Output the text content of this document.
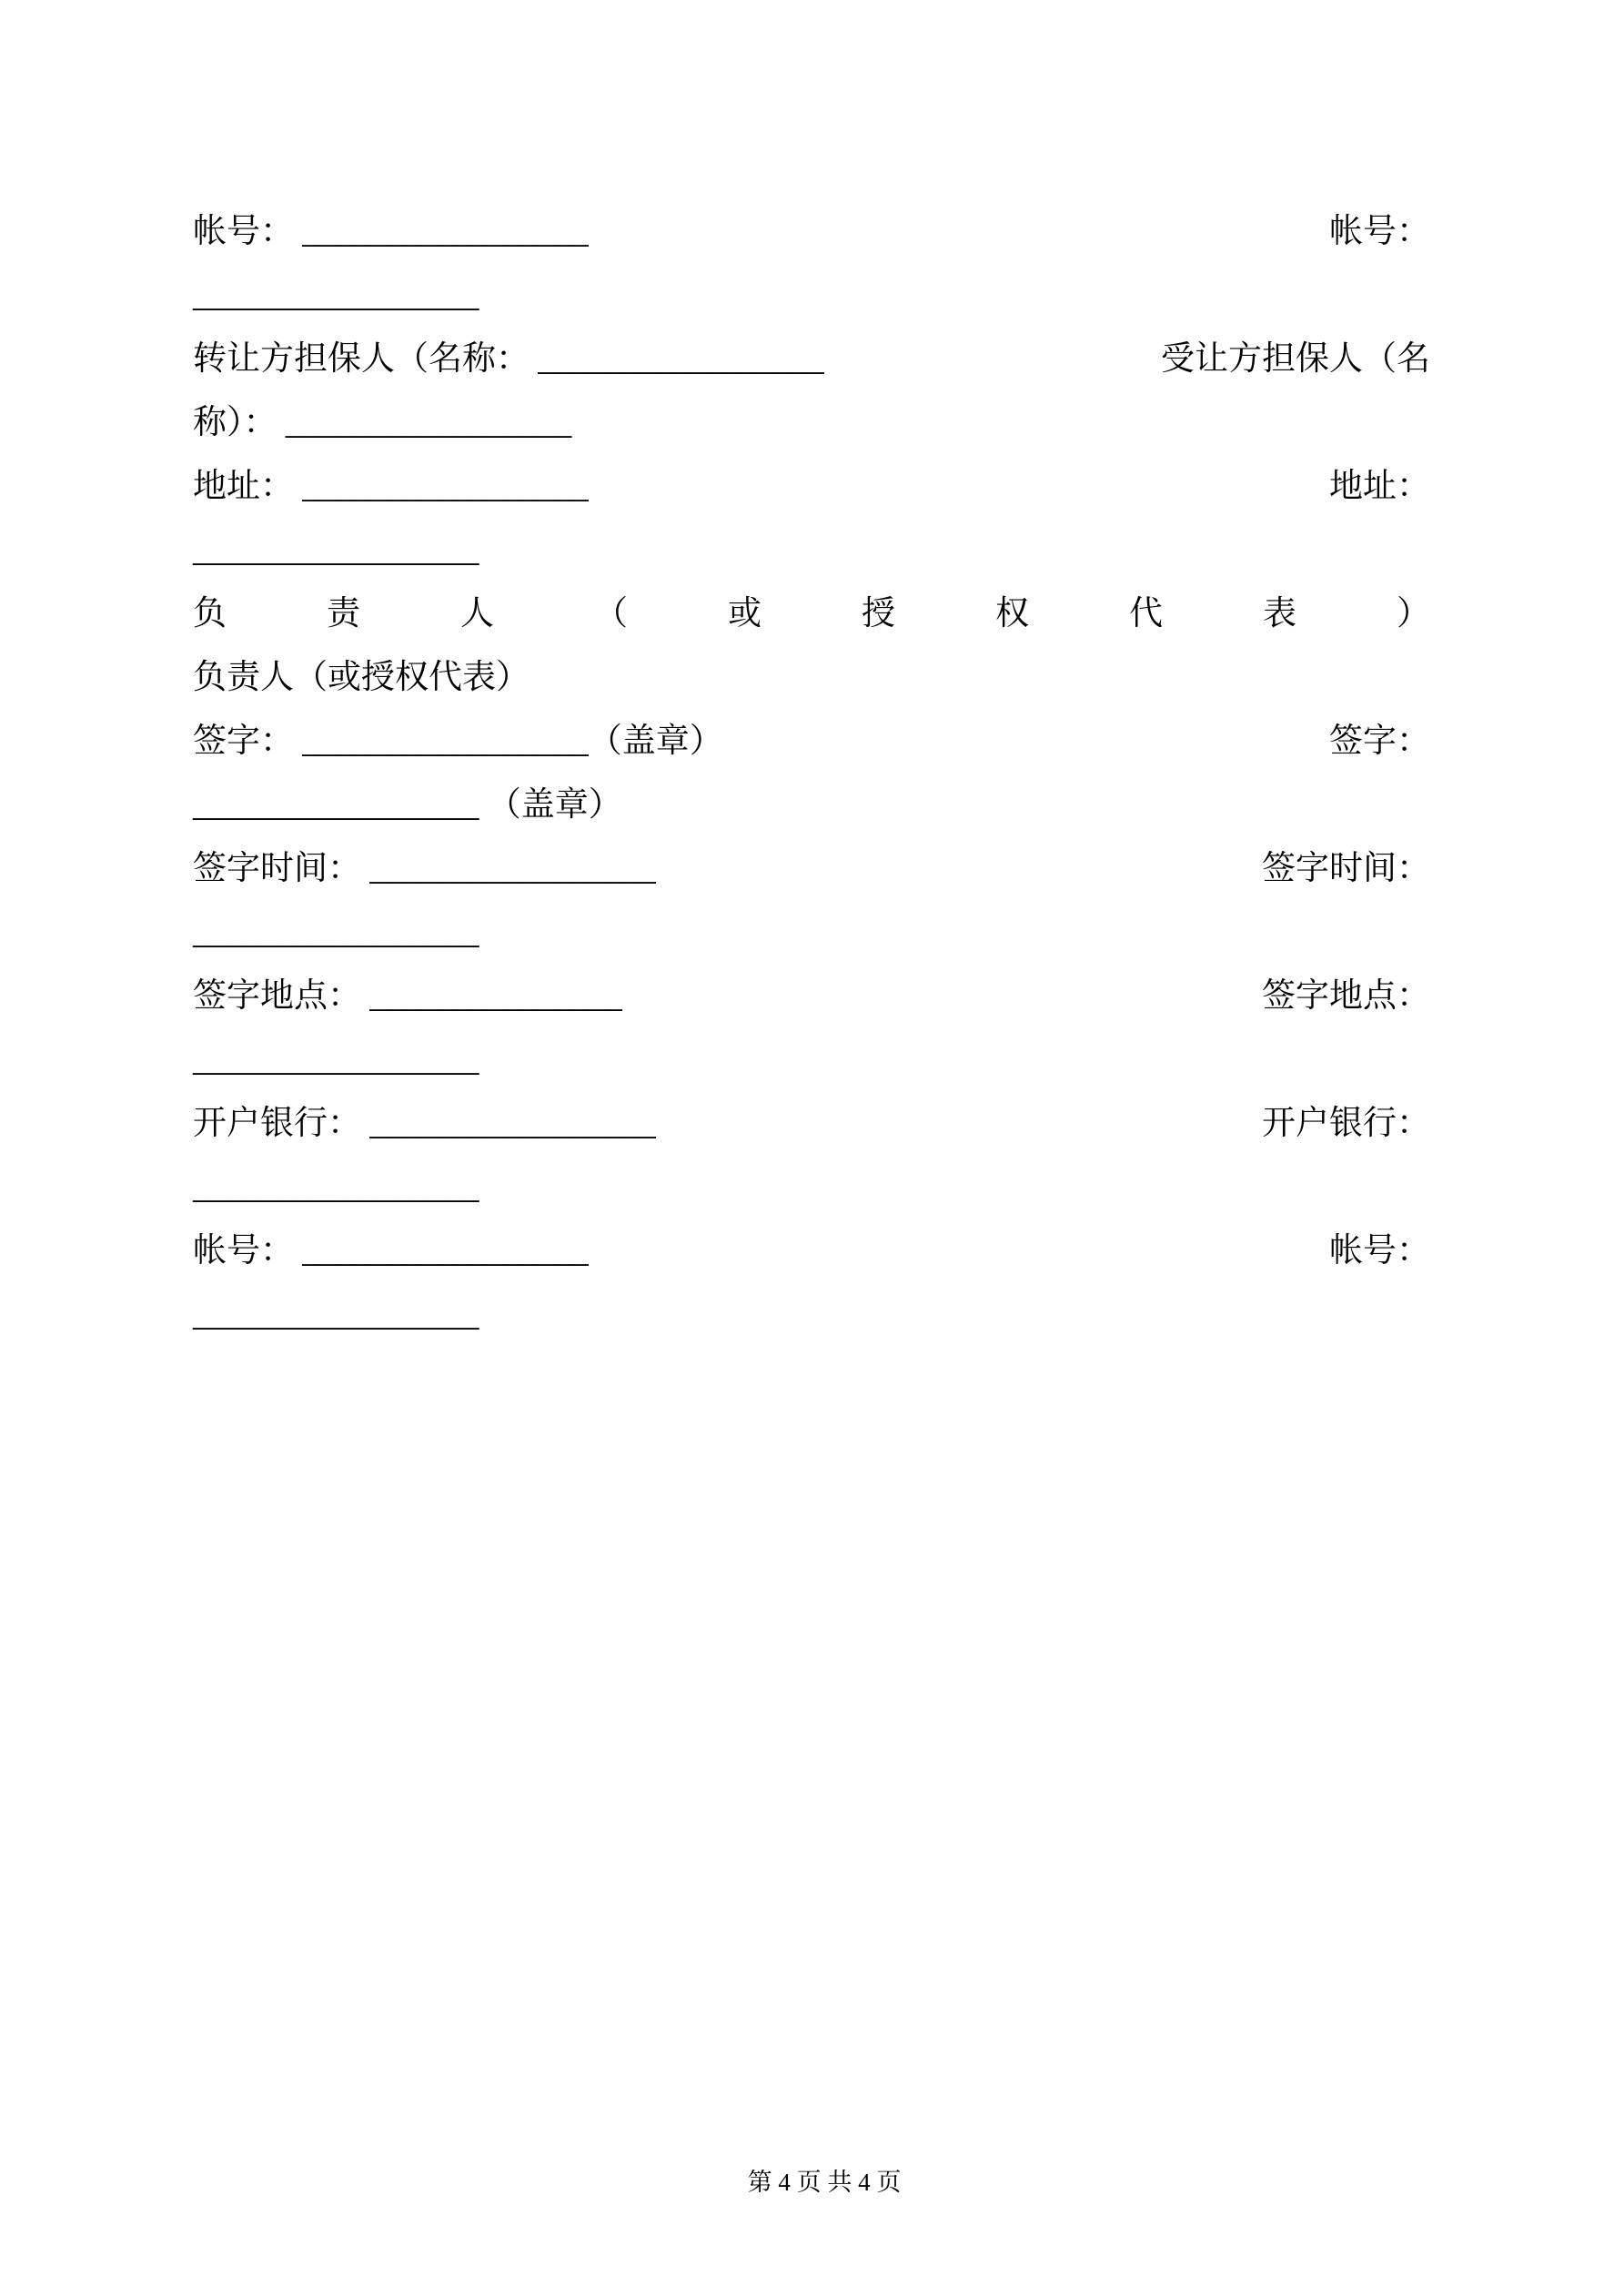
帐号： _________________	帐号：
_________________
转让方担保人（名称： _________________	受让方担保人（名
称）： _________________
地址： _________________	地址：
_________________
负	责	人	（	或	授	权	代	表	）
负责人（或授权代表）
签字： _________________ （盖章）	签字：
_________________ （盖章）
签字时间： _________________	签字时间：
_________________
签字地点： _______________	签字地点：
_________________
开户银行： _________________	开户银行：
_________________
帐号： _________________	帐号：
_________________

第 4 页 共 4 页
